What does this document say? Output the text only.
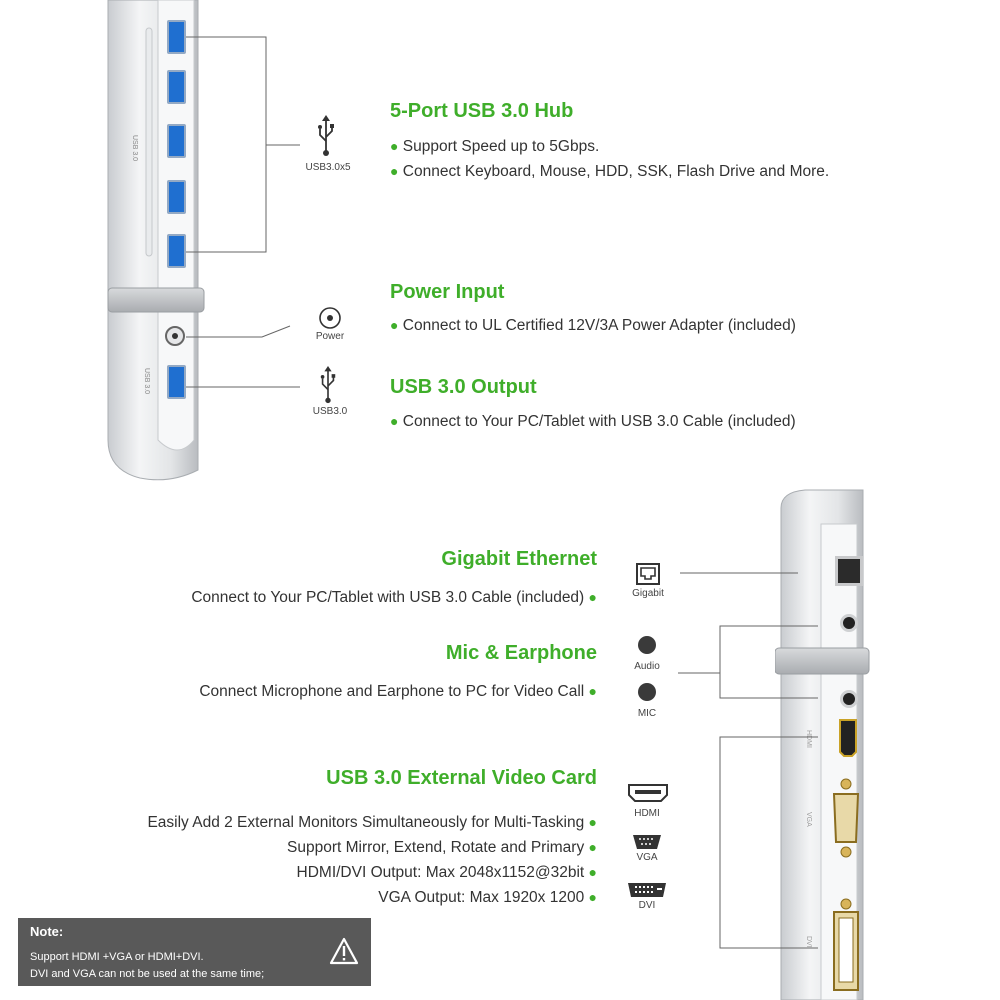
USB 3.0
USB 3.0
USB3.0x5
Power
USB3.0
5-Port USB 3.0 Hub
● Support Speed up to 5Gbps.
● Connect Keyboard, Mouse, HDD, SSK, Flash Drive and More.
Power Input
● Connect to UL Certified 12V/3A Power Adapter (included)
USB 3.0 Output
● Connect to Your PC/Tablet with USB 3.0 Cable (included)
HDMI
VGA
DVI
Gigabit
Audio
MIC
HDMI
VGA
DVI
Gigabit Ethernet
Connect to Your PC/Tablet with USB 3.0 Cable (included) ●
Mic & Earphone
Connect Microphone and Earphone to PC for Video Call ●
USB 3.0 External Video Card
Easily Add 2 External Monitors Simultaneously for Multi-Tasking ●
Support Mirror, Extend, Rotate and Primary ●
HDMI/DVI Output: Max 2048x1152@32bit ●
VGA Output: Max 1920x 1200 ●
Note:
Support HDMI +VGA or HDMI+DVI.
DVI and VGA can not be used at the same time;
